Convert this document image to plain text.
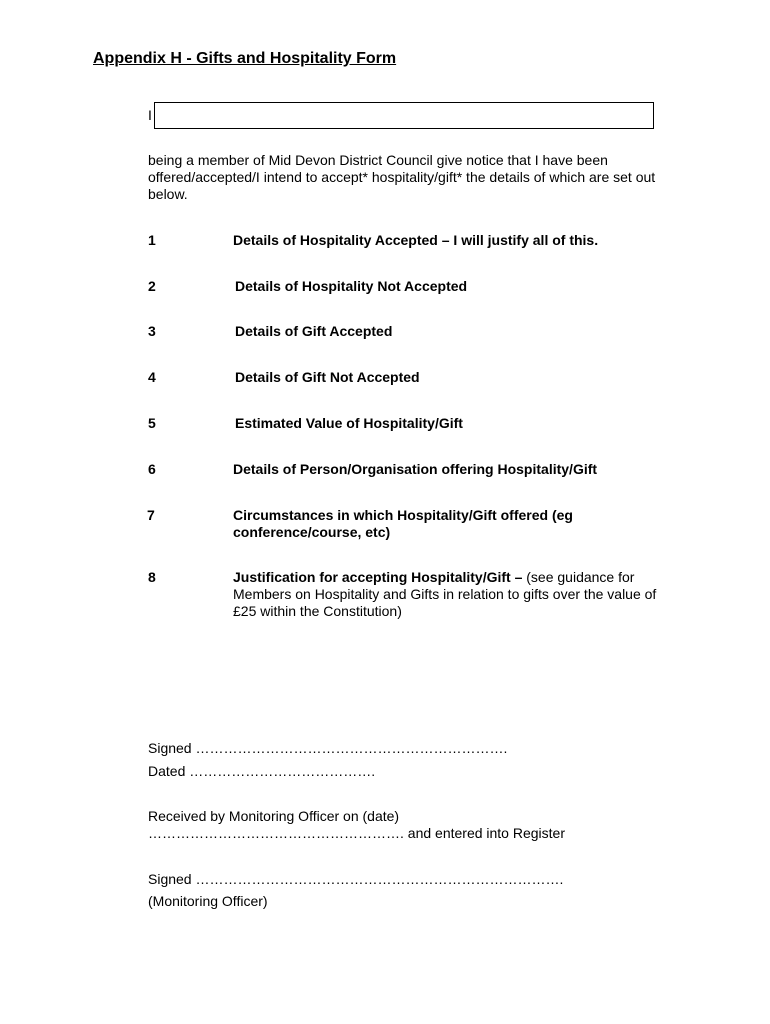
Appendix H - Gifts and Hospitality Form
I
being a member of Mid Devon District Council give notice that I have been offered/accepted/I intend to accept* hospitality/gift* the details of which are set out below.
1	Details of Hospitality Accepted – I will justify all of this.
2	Details of Hospitality Not Accepted
3	Details of Gift Accepted
4	Details of Gift Not Accepted
5	Estimated Value of Hospitality/Gift
6	Details of Person/Organisation offering Hospitality/Gift
7	Circumstances in which Hospitality/Gift offered (eg conference/course, etc)
8	Justification for accepting Hospitality/Gift – (see guidance for Members on Hospitality and Gifts in relation to gifts over the value of £25 within the Constitution)
Signed ………………………………………………………….
Dated ………………………………….
Received by Monitoring Officer on (date)
………………………………………………. and entered into Register
Signed …………………………………………………………………….
(Monitoring Officer)
